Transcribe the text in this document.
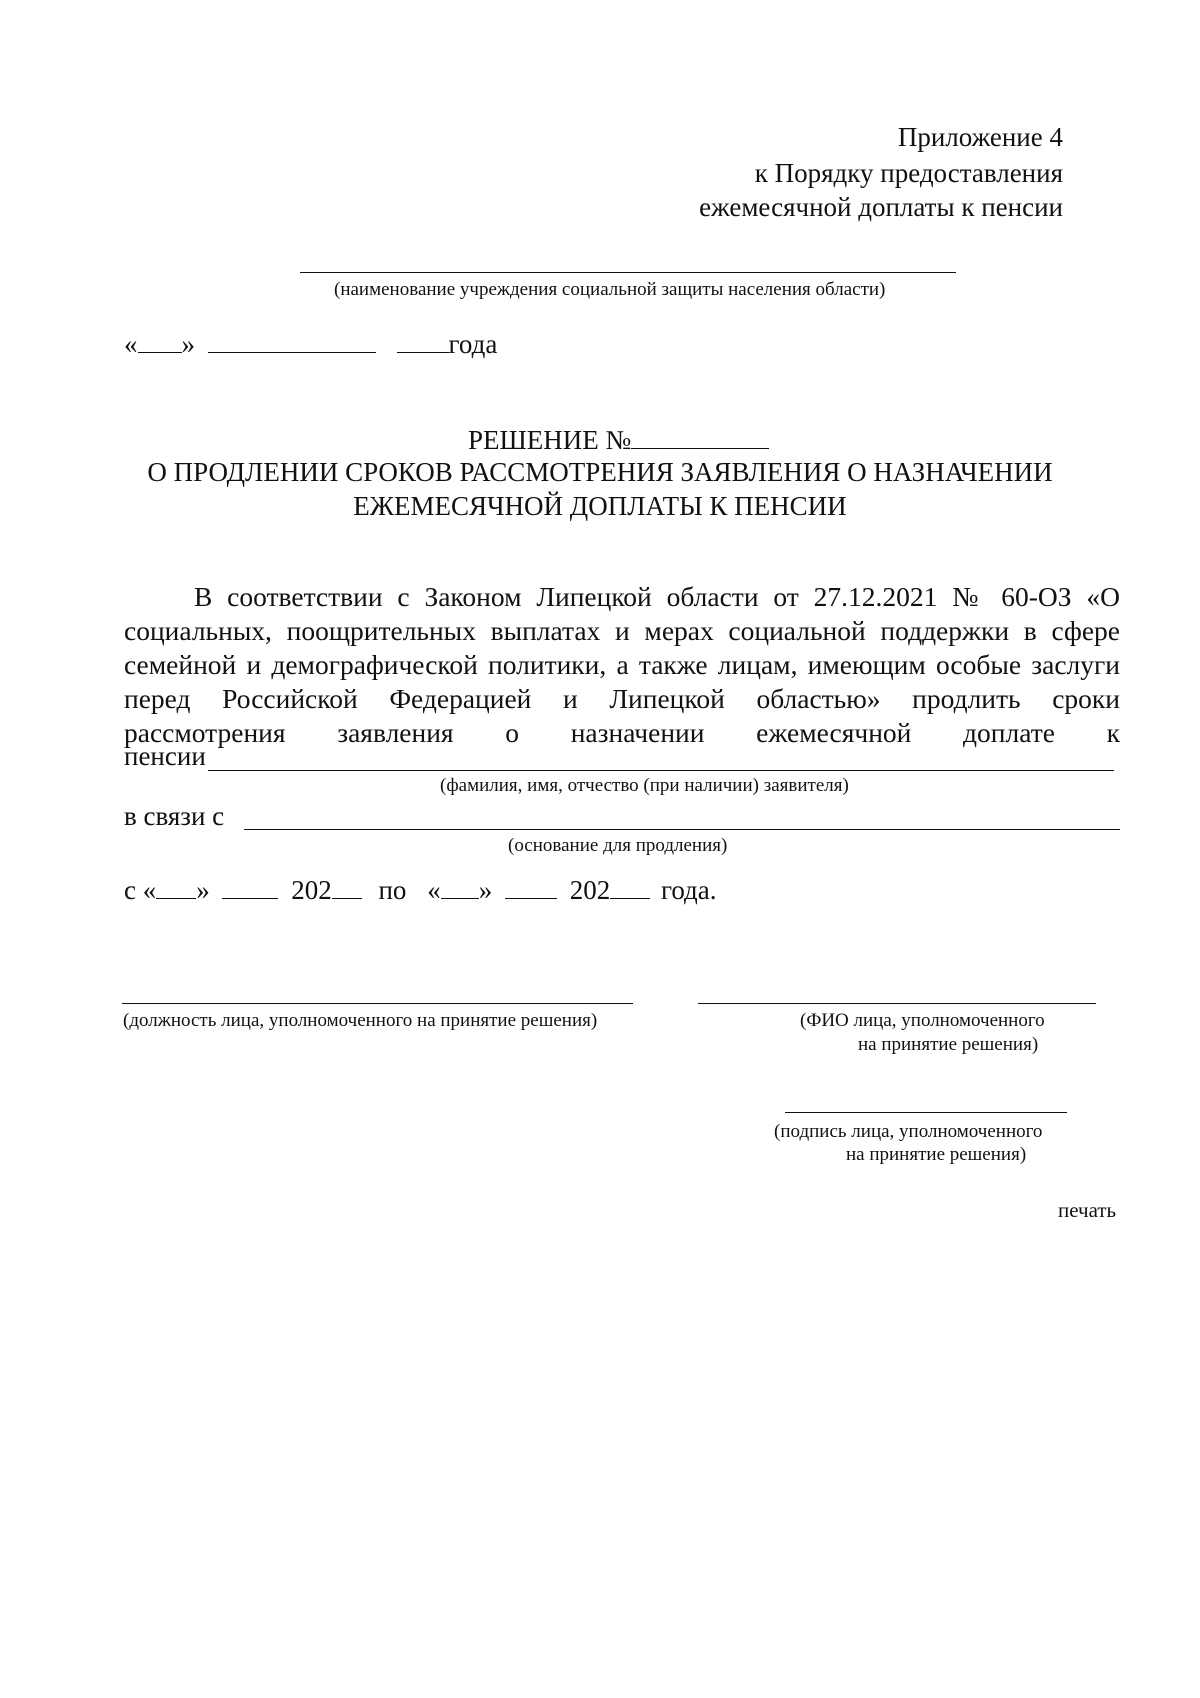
Приложение 4
к Порядку предоставления
ежемесячной доплаты к пенсии
(наименование учреждения социальной защиты населения области)
« »	года
РЕШЕНИЕ №
О ПРОДЛЕНИИ СРОКОВ РАССМОТРЕНИЯ ЗАЯВЛЕНИЯ О НАЗНАЧЕНИИ
ЕЖЕМЕСЯЧНОЙ ДОПЛАТЫ К ПЕНСИИ
В соответствии с Законом Липецкой области от 27.12.2021 № 60-ОЗ «О
социальных, поощрительных выплатах и мерах социальной поддержки в сфере
семейной и демографической политики, а также лицам, имеющим особые заслуги
перед Российской Федерацией и Липецкой областью» продлить сроки
рассмотрения заявления о назначении ежемесячной доплате к
пенсии
(фамилия, имя, отчество (при наличии) заявителя)
в связи с
(основание для продления)
с « »	202 по « »	202 года.
(должность лица, уполномоченного на принятие решения)	(ФИО лица, уполномоченного
на принятие решения)
(подпись лица, уполномоченного
на принятие решения)
печать
